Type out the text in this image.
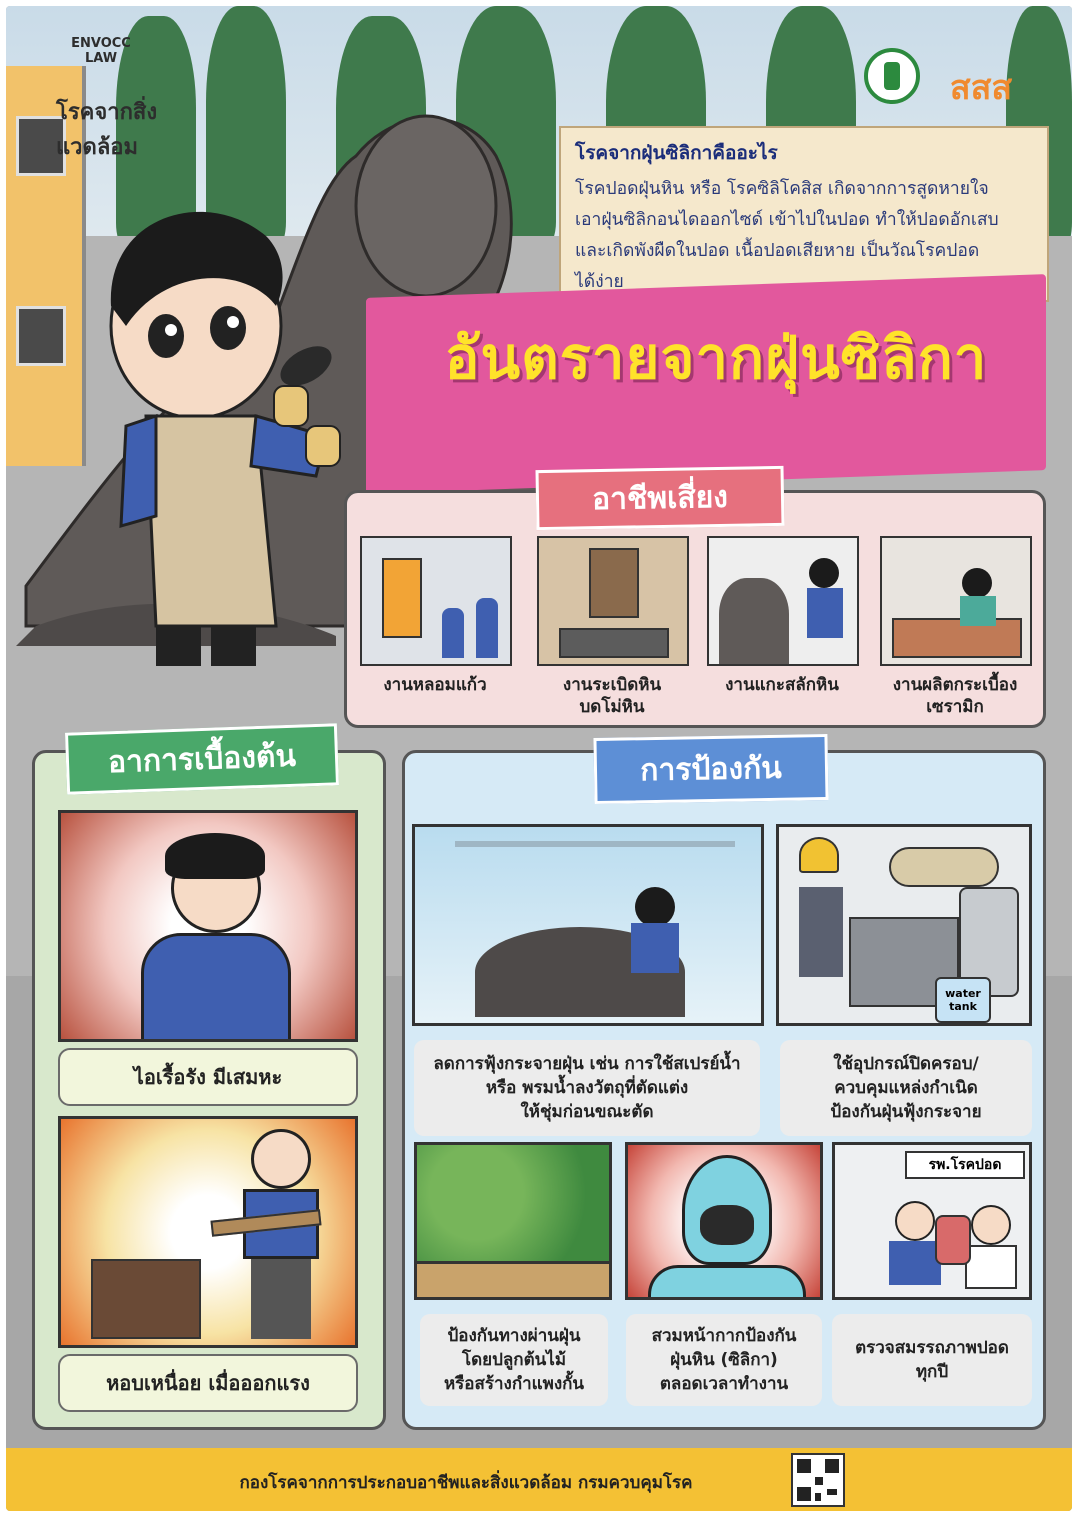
ENVOCC LAW
โรคจากสิ่งแวดล้อม
สสส
โรคจากฝุ่นซิลิกาคืออะไร

โรคปอดฝุ่นหิน หรือ โรคซิลิโคสิส เกิดจากการสูดหายใจ

เอาฝุ่นซิลิกอนไดออกไซด์ เข้าไปในปอด ทำให้ปอดอักเสบ

และเกิดพังผืดในปอด เนื้อปอดเสียหาย เป็นวัณโรคปอด

ได้ง่าย

อันตรายจากฝุ่นซิลิกา
อาชีพเสี่ยง
งานหลอมแก้ว	งานระเบิดหิน
บดโม่หิน
งานแกะสลักหิน	งานผลิตกระเบื้อง
เซรามิก
อาการเบื้องต้น
ไอเรื้อรัง มีเสมหะ
หอบเหนื่อย เมื่อออกแรง
การป้องกัน
water tank
ลดการฟุ้งกระจายฝุ่น เช่น การใช้สเปรย์น้ำ
หรือ พรมน้ำลงวัตถุที่ตัดแต่ง
ให้ชุ่มก่อนขณะตัด
ใช้อุปกรณ์ปิดครอบ/
ควบคุมแหล่งกำเนิด
ป้องกันฝุ่นฟุ้งกระจาย
รพ.โรคปอด
ป้องกันทางผ่านฝุ่น
โดยปลูกต้นไม้
หรือสร้างกำแพงกั้น
สวมหน้ากากป้องกัน
ฝุ่นหิน (ซิลิกา)
ตลอดเวลาทำงาน
ตรวจสมรรถภาพปอด
ทุกปี
กองโรคจากการประกอบอาชีพและสิ่งแวดล้อม กรมควบคุมโรค
